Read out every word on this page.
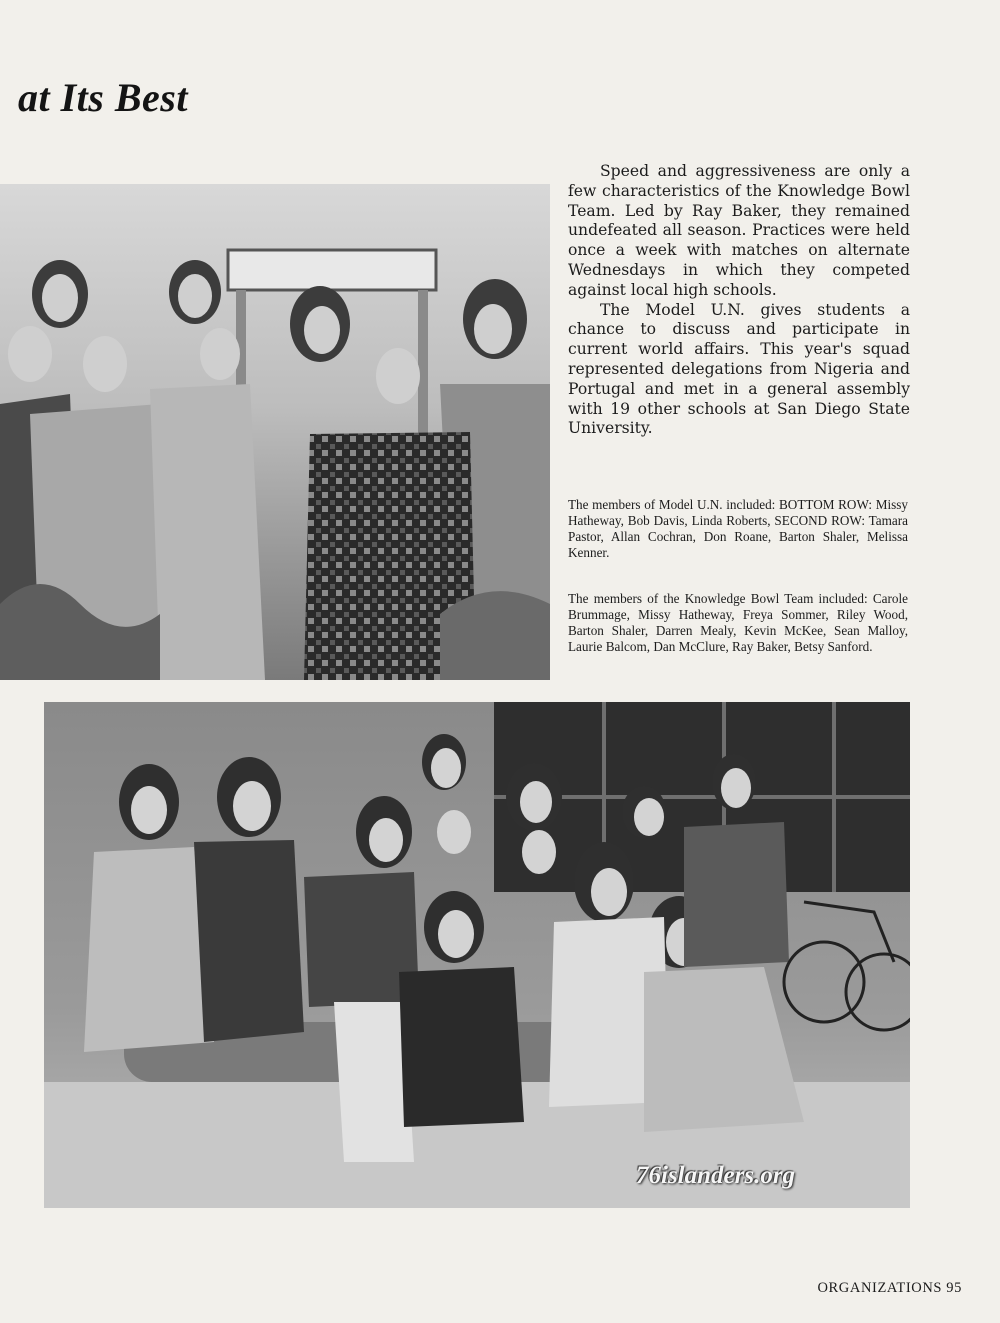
at Its Best

Speed and aggressiveness are only a few characteristics of the Knowledge Bowl Team. Led by Ray Baker, they remained undefeated all season. Practices were held once a week with matches on alternate Wednesdays in which they competed against local high schools.

The Model U.N. gives students a chance to discuss and participate in current world affairs. This year's squad represented delegations from Nigeria and Portugal and met in a general assembly with 19 other schools at San Diego State University.

The members of Model U.N. included: BOTTOM ROW: Missy Hatheway, Bob Davis, Linda Roberts, SECOND ROW: Tamara Pastor, Allan Cochran, Don Roane, Barton Shaler, Melissa Kenner.
The members of the Knowledge Bowl Team included: Carole Brummage, Missy Hatheway, Freya Sommer, Riley Wood, Barton Shaler, Darren Mealy, Kevin McKee, Sean Malloy, Laurie Balcom, Dan McClure, Ray Baker, Betsy Sanford.
76islanders.org
ORGANIZATIONS 95
